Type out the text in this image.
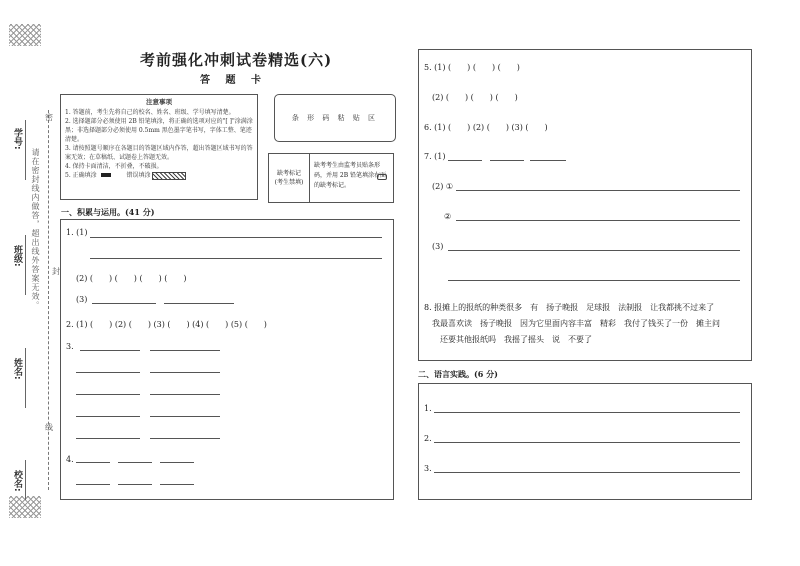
学号:
班级:
姓名:
校名:
密
封
线
请在密封线内做答，超出线外答案无效。
考前强化冲刺试卷精选(六)
答 题 卡
注意事项

1. 答题前，考生先将自己的校名、姓名、班级、学号填写清楚。

2. 选择题部分必须使用 2B 铅笔填涂，将正确的选项对应的"[ ]"涂满涂黑；非选择题部分必须使用 0.5mm 黑色墨字笔书写，字体工整、笔迹清楚。

3. 请按照题号顺序在各题目的答题区域内作答，超出答题区域书写的答案无效；在草稿纸、试题卷上答题无效。

4. 保持卡面清洁，不折叠，不破损。

5. 正确填涂	错误填涂

条 形 码 粘 贴 区
缺考标记
(考生禁填)
缺考考生由监考员贴条形码，并用 2B 铅笔填涂右面的缺考标记。
一、积累与运用。(41 分)
1. (1)
(2) (　　) (　　) (　　) (　　)
(3)
2. (1) (　　) (2) (　　) (3) (　　) (4) (　　) (5) (　　)
3.
4.
5. (1) (　　) (　　) (　　)
(2) (　　) (　　) (　　)
6. (1) (　　) (2) (　　) (3) (　　)
7. (1)
(2) ①
②
(3)
8. 报摊上的报纸的种类很多　有　扬子晚报　足球报　法制报　让我都挑不过来了
我最喜欢读　扬子晚报　因为它里面内容丰富　精彩　我付了钱买了一份　摊主问
还要其他报纸吗　我摇了摇头　说　不要了
二、语言实践。(6 分)
1.
2.
3.
